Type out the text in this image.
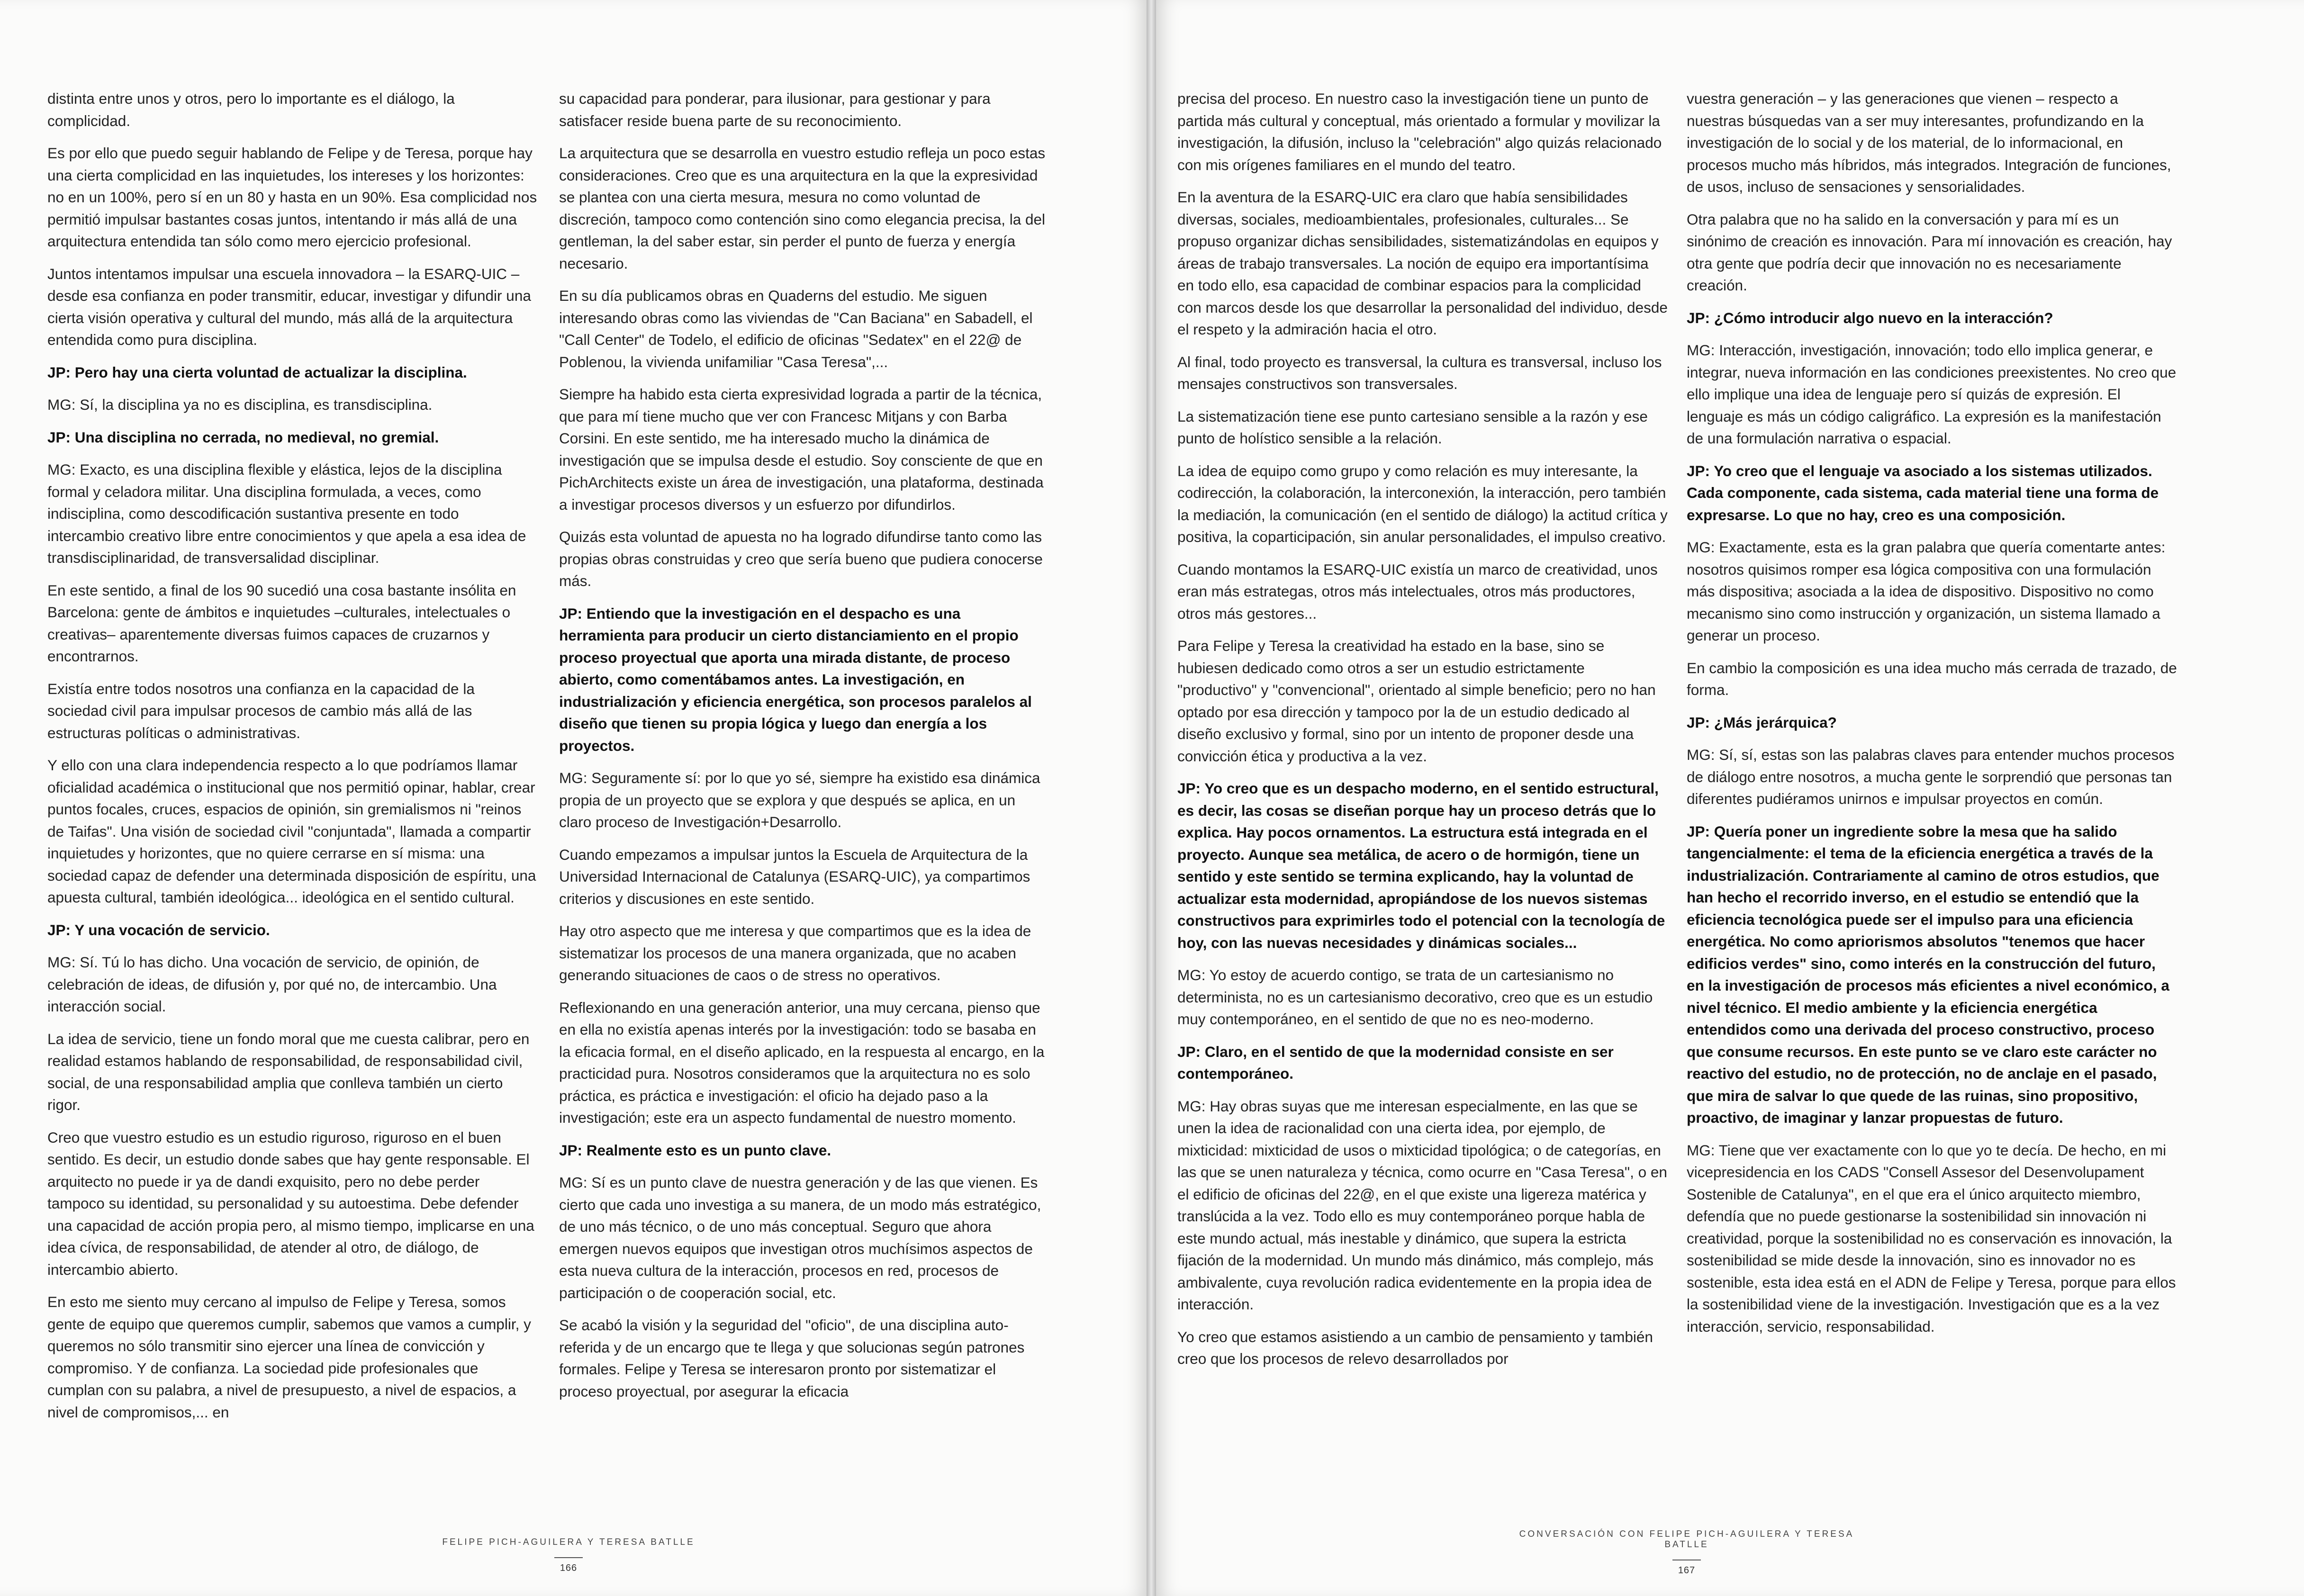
distinta entre unos y otros, pero lo importante es el diálogo, la complicidad.

Es por ello que puedo seguir hablando de Felipe y de Teresa, porque hay una cierta complicidad en las inquietudes, los intereses y los horizontes: no en un 100%, pero sí en un 80 y hasta en un 90%. Esa complicidad nos permitió impulsar bastantes cosas juntos, intentando ir más allá de una arquitectura entendida tan sólo como mero ejercicio profesional.

Juntos intentamos impulsar una escuela innovadora – la ESARQ-UIC – desde esa confianza en poder transmitir, educar, investigar y difundir una cierta visión operativa y cultural del mundo, más allá de la arquitectura entendida como pura disciplina.

JP: Pero hay una cierta voluntad de actualizar la disciplina.

MG: Sí, la disciplina ya no es disciplina, es transdisciplina.

JP: Una disciplina no cerrada, no medieval, no gremial.

MG: Exacto, es una disciplina flexible y elástica, lejos de la disciplina formal y celadora militar. Una disciplina formulada, a veces, como indisciplina, como descodificación sustantiva presente en todo intercambio creativo libre entre conocimientos y que apela a esa idea de transdisciplinaridad, de transversalidad disciplinar.

En este sentido, a final de los 90 sucedió una cosa bastante insólita en Barcelona: gente de ámbitos e inquietudes –culturales, intelectuales o creativas– aparentemente diversas fuimos capaces de cruzarnos y encontrarnos.

Existía entre todos nosotros una confianza en la capacidad de la sociedad civil para impulsar procesos de cambio más allá de las estructuras políticas o administrativas.

Y ello con una clara independencia respecto a lo que podríamos llamar oficialidad académica o institucional que nos permitió opinar, hablar, crear puntos focales, cruces, espacios de opinión, sin gremialismos ni "reinos de Taifas". Una visión de sociedad civil "conjuntada", llamada a compartir inquietudes y horizontes, que no quiere cerrarse en sí misma: una sociedad capaz de defender una determinada disposición de espíritu, una apuesta cultural, también ideológica... ideológica en el sentido cultural.

JP: Y una vocación de servicio.

MG: Sí. Tú lo has dicho. Una vocación de servicio, de opinión, de celebración de ideas, de difusión y, por qué no, de intercambio. Una interacción social.

La idea de servicio, tiene un fondo moral que me cuesta calibrar, pero en realidad estamos hablando de responsabilidad, de responsabilidad civil, social, de una responsabilidad amplia que conlleva también un cierto rigor.

Creo que vuestro estudio es un estudio riguroso, riguroso en el buen sentido. Es decir, un estudio donde sabes que hay gente responsable. El arquitecto no puede ir ya de dandi exquisito, pero no debe perder tampoco su identidad, su personalidad y su autoestima. Debe defender una capacidad de acción propia pero, al mismo tiempo, implicarse en una idea cívica, de responsabilidad, de atender al otro, de diálogo, de intercambio abierto.

En esto me siento muy cercano al impulso de Felipe y Teresa, somos gente de equipo que queremos cumplir, sabemos que vamos a cumplir, y queremos no sólo transmitir sino ejercer una línea de convicción y compromiso. Y de confianza. La sociedad pide profesionales que cumplan con su palabra, a nivel de presupuesto, a nivel de espacios, a nivel de compromisos,... en

su capacidad para ponderar, para ilusionar, para gestionar y para satisfacer reside buena parte de su reconocimiento.

La arquitectura que se desarrolla en vuestro estudio refleja un poco estas consideraciones. Creo que es una arquitectura en la que la expresividad se plantea con una cierta mesura, mesura no como voluntad de discreción, tampoco como contención sino como elegancia precisa, la del gentleman, la del saber estar, sin perder el punto de fuerza y energía necesario.

En su día publicamos obras en Quaderns del estudio. Me siguen interesando obras como las viviendas de "Can Baciana" en Sabadell, el "Call Center" de Todelo, el edificio de oficinas "Sedatex" en el 22@ de Poblenou, la vivienda unifamiliar "Casa Teresa",...

Siempre ha habido esta cierta expresividad lograda a partir de la técnica, que para mí tiene mucho que ver con Francesc Mitjans y con Barba Corsini. En este sentido, me ha interesado mucho la dinámica de investigación que se impulsa desde el estudio. Soy consciente de que en PichArchitects existe un área de investigación, una plataforma, destinada a investigar procesos diversos y un esfuerzo por difundirlos.

Quizás esta voluntad de apuesta no ha logrado difundirse tanto como las propias obras construidas y creo que sería bueno que pudiera conocerse más.

JP: Entiendo que la investigación en el despacho es una herramienta para producir un cierto distanciamiento en el propio proceso proyectual que aporta una mirada distante, de proceso abierto, como comentábamos antes. La investigación, en industrialización y eficiencia energética, son procesos paralelos al diseño que tienen su propia lógica y luego dan energía a los proyectos.

MG: Seguramente sí: por lo que yo sé, siempre ha existido esa dinámica propia de un proyecto que se explora y que después se aplica, en un claro proceso de Investigación+Desarrollo.

Cuando empezamos a impulsar juntos la Escuela de Arquitectura de la Universidad Internacional de Catalunya (ESARQ-UIC), ya compartimos criterios y discusiones en este sentido.

Hay otro aspecto que me interesa y que compartimos que es la idea de sistematizar los procesos de una manera organizada, que no acaben generando situaciones de caos o de stress no operativos.

Reflexionando en una generación anterior, una muy cercana, pienso que en ella no existía apenas interés por la investigación: todo se basaba en la eficacia formal, en el diseño aplicado, en la respuesta al encargo, en la practicidad pura. Nosotros consideramos que la arquitectura no es solo práctica, es práctica e investigación: el oficio ha dejado paso a la investigación; este era un aspecto fundamental de nuestro momento.

JP: Realmente esto es un punto clave.

MG: Sí es un punto clave de nuestra generación y de las que vienen. Es cierto que cada uno investiga a su manera, de un modo más estratégico, de uno más técnico, o de uno más conceptual. Seguro que ahora emergen nuevos equipos que investigan otros muchísimos aspectos de esta nueva cultura de la interacción, procesos en red, procesos de participación o de cooperación social, etc.

Se acabó la visión y la seguridad del "oficio", de una disciplina auto-referida y de un encargo que te llega y que solucionas según patrones formales. Felipe y Teresa se interesaron pronto por sistematizar el proceso proyectual, por asegurar la eficacia

precisa del proceso. En nuestro caso la investigación tiene un punto de partida más cultural y conceptual, más orientado a formular y movilizar la investigación, la difusión, incluso la "celebración" algo quizás relacionado con mis orígenes familiares en el mundo del teatro.

En la aventura de la ESARQ-UIC era claro que había sensibilidades diversas, sociales, medioambientales, profesionales, culturales... Se propuso organizar dichas sensibilidades, sistematizándolas en equipos y áreas de trabajo transversales. La noción de equipo era importantísima en todo ello, esa capacidad de combinar espacios para la complicidad con marcos desde los que desarrollar la personalidad del individuo, desde el respeto y la admiración hacia el otro.

Al final, todo proyecto es transversal, la cultura es transversal, incluso los mensajes constructivos son transversales.

La sistematización tiene ese punto cartesiano sensible a la razón y ese punto de holístico sensible a la relación.

La idea de equipo como grupo y como relación es muy interesante, la codirección, la colaboración, la interconexión, la interacción, pero también la mediación, la comunicación (en el sentido de diálogo) la actitud crítica y positiva, la coparticipación, sin anular personalidades, el impulso creativo.

Cuando montamos la ESARQ-UIC existía un marco de creatividad, unos eran más estrategas, otros más intelectuales, otros más productores, otros más gestores...

Para Felipe y Teresa la creatividad ha estado en la base, sino se hubiesen dedicado como otros a ser un estudio estrictamente "productivo" y "convencional", orientado al simple beneficio; pero no han optado por esa dirección y tampoco por la de un estudio dedicado al diseño exclusivo y formal, sino por un intento de proponer desde una convicción ética y productiva a la vez.

JP: Yo creo que es un despacho moderno, en el sentido estructural, es decir, las cosas se diseñan porque hay un proceso detrás que lo explica. Hay pocos ornamentos. La estructura está integrada en el proyecto. Aunque sea metálica, de acero o de hormigón, tiene un sentido y este sentido se termina explicando, hay la voluntad de actualizar esta modernidad, apropiándose de los nuevos sistemas constructivos para exprimirles todo el potencial con la tecnología de hoy, con las nuevas necesidades y dinámicas sociales...

MG: Yo estoy de acuerdo contigo, se trata de un cartesianismo no determinista, no es un cartesianismo decorativo, creo que es un estudio muy contemporáneo, en el sentido de que no es neo-moderno.

JP: Claro, en el sentido de que la modernidad consiste en ser contemporáneo.

MG: Hay obras suyas que me interesan especialmente, en las que se unen la idea de racionalidad con una cierta idea, por ejemplo, de mixticidad: mixticidad de usos o mixticidad tipológica; o de categorías, en las que se unen naturaleza y técnica, como ocurre en "Casa Teresa", o en el edificio de oficinas del 22@, en el que existe una ligereza matérica y translúcida a la vez. Todo ello es muy contemporáneo porque habla de este mundo actual, más inestable y dinámico, que supera la estricta fijación de la modernidad. Un mundo más dinámico, más complejo, más ambivalente, cuya revolución radica evidentemente en la propia idea de interacción.

Yo creo que estamos asistiendo a un cambio de pensamiento y también creo que los procesos de relevo desarrollados por

vuestra generación – y las generaciones que vienen – respecto a nuestras búsquedas van a ser muy interesantes, profundizando en la investigación de lo social y de los material, de lo informacional, en procesos mucho más híbridos, más integrados. Integración de funciones, de usos, incluso de sensaciones y sensorialidades.

Otra palabra que no ha salido en la conversación y para mí es un sinónimo de creación es innovación. Para mí innovación es creación, hay otra gente que podría decir que innovación no es necesariamente creación.

JP: ¿Cómo introducir algo nuevo en la interacción?

MG: Interacción, investigación, innovación; todo ello implica generar, e integrar, nueva información en las condiciones preexistentes. No creo que ello implique una idea de lenguaje pero sí quizás de expresión. El lenguaje es más un código caligráfico. La expresión es la manifestación de una formulación narrativa o espacial.

JP: Yo creo que el lenguaje va asociado a los sistemas utilizados. Cada componente, cada sistema, cada material tiene una forma de expresarse. Lo que no hay, creo es una composición.

MG: Exactamente, esta es la gran palabra que quería comentarte antes: nosotros quisimos romper esa lógica compositiva con una formulación más dispositiva; asociada a la idea de dispositivo. Dispositivo no como mecanismo sino como instrucción y organización, un sistema llamado a generar un proceso.

En cambio la composición es una idea mucho más cerrada de trazado, de forma.

JP: ¿Más jerárquica?

MG: Sí, sí, estas son las palabras claves para entender muchos procesos de diálogo entre nosotros, a mucha gente le sorprendió que personas tan diferentes pudiéramos unirnos e impulsar proyectos en común.

JP: Quería poner un ingrediente sobre la mesa que ha salido tangencialmente: el tema de la eficiencia energética a través de la industrialización. Contrariamente al camino de otros estudios, que han hecho el recorrido inverso, en el estudio se entendió que la eficiencia tecnológica puede ser el impulso para una eficiencia energética. No como apriorismos absolutos "tenemos que hacer edificios verdes" sino, como interés en la construcción del futuro, en la investigación de procesos más eficientes a nivel económico, a nivel técnico. El medio ambiente y la eficiencia energética entendidos como una derivada del proceso constructivo, proceso que consume recursos. En este punto se ve claro este carácter no reactivo del estudio, no de protección, no de anclaje en el pasado, que mira de salvar lo que quede de las ruinas, sino propositivo, proactivo, de imaginar y lanzar propuestas de futuro.

MG: Tiene que ver exactamente con lo que yo te decía. De hecho, en mi vicepresidencia en los CADS "Consell Assesor del Desenvolupament Sostenible de Catalunya", en el que era el único arquitecto miembro, defendía que no puede gestionarse la sostenibilidad sin innovación ni creatividad, porque la sostenibilidad no es conservación es innovación, la sostenibilidad se mide desde la innovación, sino es innovador no es sostenible, esta idea está en el ADN de Felipe y Teresa, porque para ellos la sostenibilidad viene de la investigación. Investigación que es a la vez interacción, servicio, responsabilidad.

FELIPE PICH-AGUILERA Y TERESA BATLLE
166
CONVERSACIÓN CON FELIPE PICH-AGUILERA Y TERESA BATLLE
167
